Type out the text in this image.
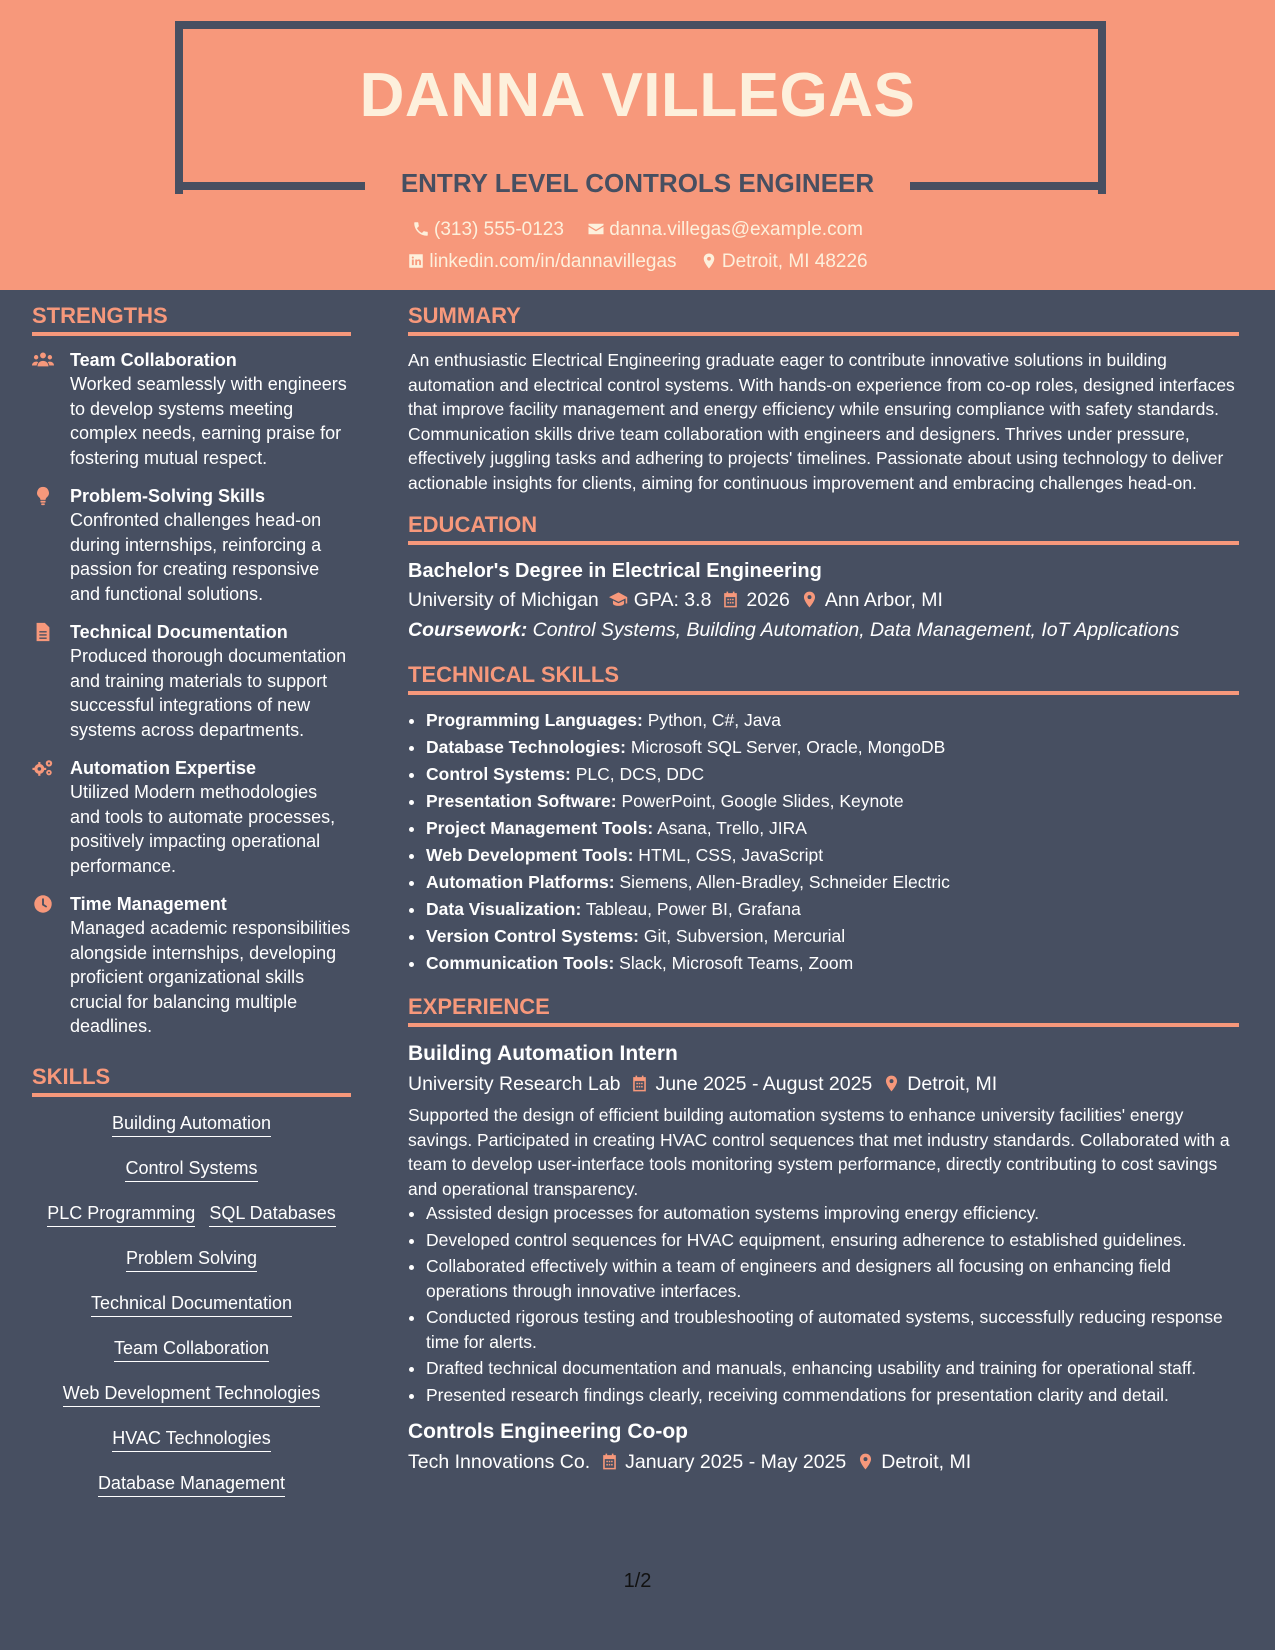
DANNA VILLEGAS
ENTRY LEVEL CONTROLS ENGINEER
(313) 555-0123 danna.villegas@example.com
linkedin.com/in/dannavillegas Detroit, MI 48226
STRENGTHS
Team Collaboration
Worked seamlessly with engineers to develop systems meeting complex needs, earning praise for fostering mutual respect.
Problem-Solving Skills
Confronted challenges head-on during internships, reinforcing a passion for creating responsive and functional solutions.
Technical Documentation
Produced thorough documentation and training materials to support successful integrations of new systems across departments.
Automation Expertise
Utilized Modern methodologies and tools to automate processes, positively impacting operational performance.
Time Management
Managed academic responsibilities alongside internships, developing proficient organizational skills crucial for balancing multiple deadlines.
SKILLS
Building Automation
Control Systems
PLC Programming SQL Databases
Problem Solving
Technical Documentation
Team Collaboration
Web Development Technologies
HVAC Technologies
Database Management
SUMMARY
An enthusiastic Electrical Engineering graduate eager to contribute innovative solutions in building automation and electrical control systems. With hands-on experience from co-op roles, designed interfaces that improve facility management and energy efficiency while ensuring compliance with safety standards. Communication skills drive team collaboration with engineers and designers. Thrives under pressure, effectively juggling tasks and adhering to projects' timelines. Passionate about using technology to deliver actionable insights for clients, aiming for continuous improvement and embracing challenges head-on.
EDUCATION
Bachelor's Degree in Electrical Engineering
University of Michigan GPA: 3.8 2026 Ann Arbor, MI
Coursework: Control Systems, Building Automation, Data Management, IoT Applications
TECHNICAL SKILLS
• Programming Languages: Python, C#, Java
• Database Technologies: Microsoft SQL Server, Oracle, MongoDB
• Control Systems: PLC, DCS, DDC
• Presentation Software: PowerPoint, Google Slides, Keynote
• Project Management Tools: Asana, Trello, JIRA
• Web Development Tools: HTML, CSS, JavaScript
• Automation Platforms: Siemens, Allen-Bradley, Schneider Electric
• Data Visualization: Tableau, Power BI, Grafana
• Version Control Systems: Git, Subversion, Mercurial
• Communication Tools: Slack, Microsoft Teams, Zoom
EXPERIENCE
Building Automation Intern
University Research Lab June 2025 - August 2025 Detroit, MI
Supported the design of efficient building automation systems to enhance university facilities' energy savings. Participated in creating HVAC control sequences that met industry standards. Collaborated with a team to develop user-interface tools monitoring system performance, directly contributing to cost savings and operational transparency.
• Assisted design processes for automation systems improving energy efficiency.
• Developed control sequences for HVAC equipment, ensuring adherence to established guidelines.
• Collaborated effectively within a team of engineers and designers all focusing on enhancing field operations through innovative interfaces.
• Conducted rigorous testing and troubleshooting of automated systems, successfully reducing response time for alerts.
• Drafted technical documentation and manuals, enhancing usability and training for operational staff.
• Presented research findings clearly, receiving commendations for presentation clarity and detail.
Controls Engineering Co-op
Tech Innovations Co. January 2025 - May 2025 Detroit, MI
1/2
